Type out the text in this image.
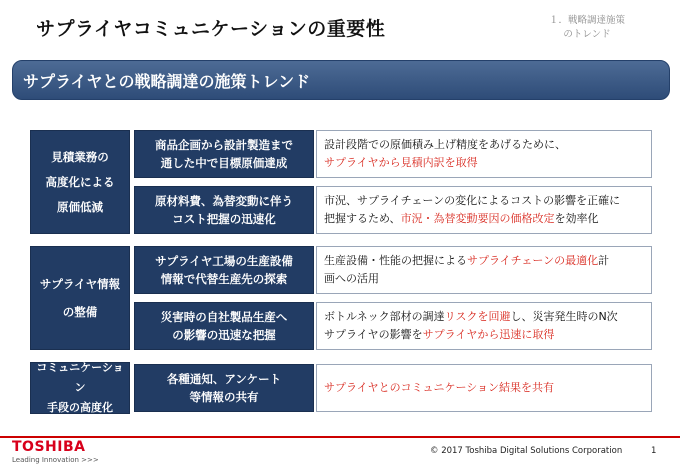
サプライヤコミュニケーションの重要性	１．戦略調達施策
のトレンド
サプライヤとの戦略調達の施策トレンド
見積業務の
高度化による
原価低減
サプライヤ情報
の整備
コミュニケーション
手段の高度化
商品企画から設計製造まで
通した中で目標原価達成
設計段階での原価積み上げ精度をあげるために、
サプライヤから見積内訳を取得
原材料費、為替変動に伴う
コスト把握の迅速化
市況、サプライチェーンの変化によるコストの影響を正確に
把握するため、市況・為替変動要因の価格改定を効率化
サプライヤ工場の生産設備
情報で代替生産先の探索
生産設備・性能の把握によるサプライチェーンの最適化計
画への活用
災害時の自社製品生産へ
の影響の迅速な把握
ボトルネック部材の調達リスクを回避し、災害発生時のN次
サプライヤの影響をサプライヤから迅速に取得
各種通知、アンケート
等情報の共有
サプライヤとのコミュニケーション結果を共有
TOSHIBA
Leading Innovation >>>
© 2017 Toshiba Digital Solutions Corporation	1
